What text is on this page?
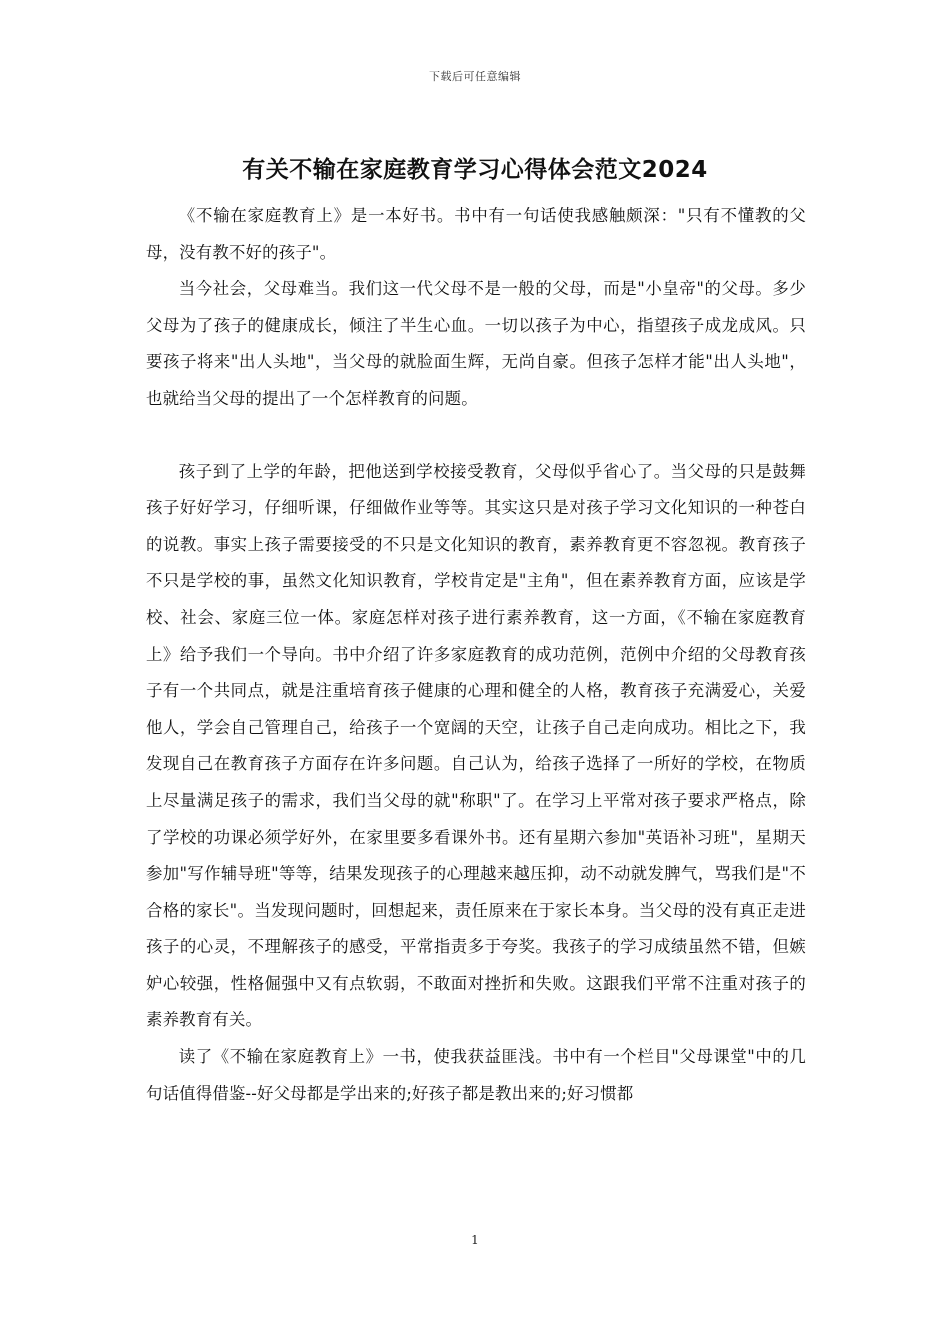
下载后可任意编辑
有关不输在家庭教育学习心得体会范文2024

《不输在家庭教育上》是一本好书。书中有一句话使我感触颇深："只有不懂教的父母，没有教不好的孩子"。

当今社会，父母难当。我们这一代父母不是一般的父母，而是"小皇帝"的父母。多少父母为了孩子的健康成长，倾注了半生心血。一切以孩子为中心，指望孩子成龙成风。只要孩子将来"出人头地"，当父母的就脸面生辉，无尚自豪。但孩子怎样才能"出人头地"，也就给当父母的提出了一个怎样教育的问题。

孩子到了上学的年龄，把他送到学校接受教育，父母似乎省心了。当父母的只是鼓舞孩子好好学习，仔细听课，仔细做作业等等。其实这只是对孩子学习文化知识的一种苍白的说教。事实上孩子需要接受的不只是文化知识的教育，素养教育更不容忽视。教育孩子不只是学校的事，虽然文化知识教育，学校肯定是"主角"，但在素养教育方面，应该是学校、社会、家庭三位一体。家庭怎样对孩子进行素养教育，这一方面，《不输在家庭教育上》给予我们一个导向。书中介绍了许多家庭教育的成功范例，范例中介绍的父母教育孩子有一个共同点，就是注重培育孩子健康的心理和健全的人格，教育孩子充满爱心，关爱他人，学会自己管理自己，给孩子一个宽阔的天空，让孩子自己走向成功。相比之下，我发现自己在教育孩子方面存在许多问题。自己认为，给孩子选择了一所好的学校，在物质上尽量满足孩子的需求，我们当父母的就"称职"了。在学习上平常对孩子要求严格点，除了学校的功课必须学好外，在家里要多看课外书。还有星期六参加"英语补习班"，星期天参加"写作辅导班"等等，结果发现孩子的心理越来越压抑，动不动就发脾气，骂我们是"不合格的家长"。当发现问题时，回想起来，责任原来在于家长本身。当父母的没有真正走进孩子的心灵，不理解孩子的感受，平常指责多于夸奖。我孩子的学习成绩虽然不错，但嫉妒心较强，性格倔强中又有点软弱，不敢面对挫折和失败。这跟我们平常不注重对孩子的素养教育有关。

读了《不输在家庭教育上》一书，使我获益匪浅。书中有一个栏目"父母课堂"中的几句话值得借鉴--好父母都是学出来的;好孩子都是教出来的;好习惯都

1
